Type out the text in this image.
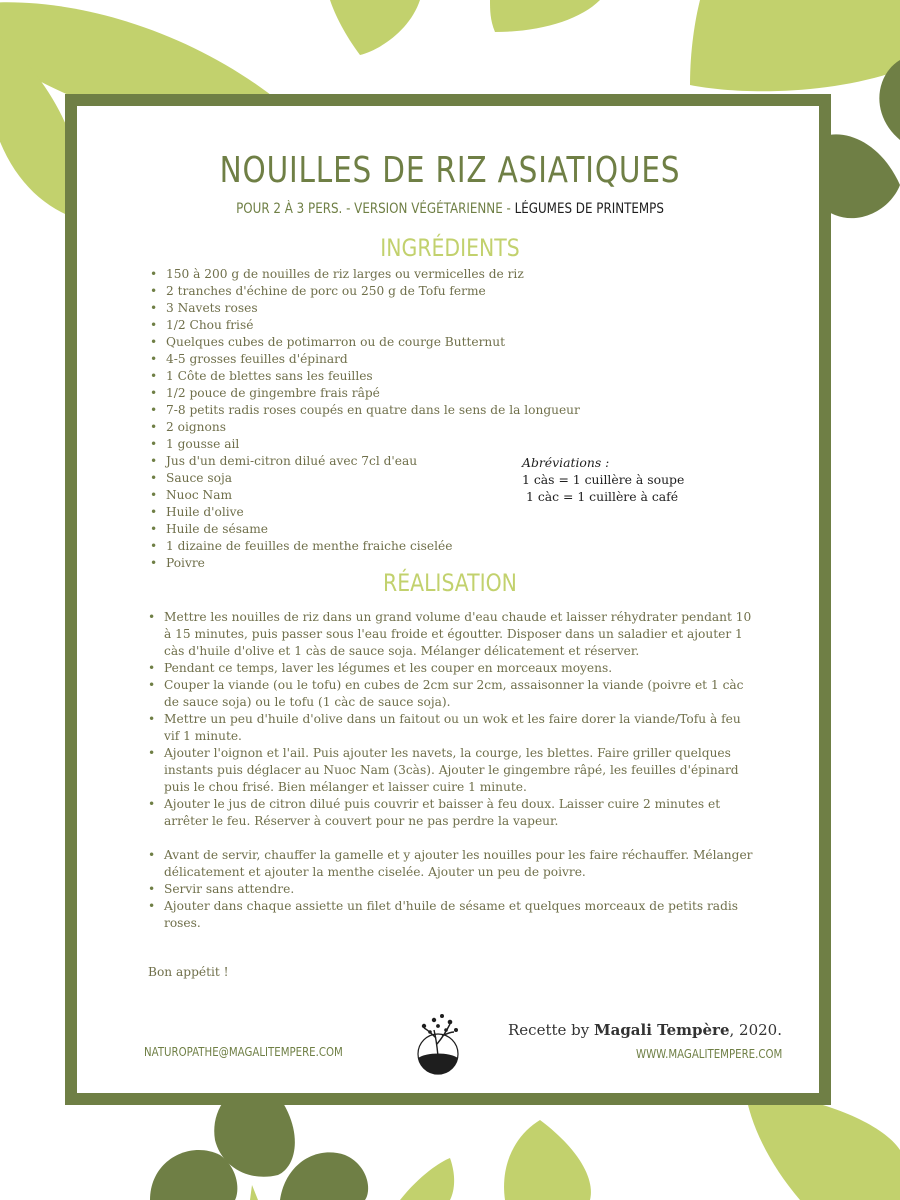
NOUILLES DE RIZ ASIATIQUES
POUR 2 À 3 PERS. - VERSION VÉGÉTARIENNE - LÉGUMES DE PRINTEMPS
INGRÉDIENTS
• 150 à 200 g de nouilles de riz larges ou vermicelles de riz
• 2 tranches d'échine de porc ou 250 g de Tofu ferme
• 3 Navets roses
• 1/2 Chou frisé
• Quelques cubes de potimarron ou de courge Butternut
• 4-5 grosses feuilles d'épinard
• 1 Côte de blettes sans les feuilles
• 1/2 pouce de gingembre frais râpé
• 7-8 petits radis roses coupés en quatre dans le sens de la longueur
• 2 oignons
• 1 gousse ail
• Jus d'un demi-citron dilué avec 7cl d'eau
• Sauce soja
• Nuoc Nam
• Huile d'olive
• Huile de sésame
• 1 dizaine de feuilles de menthe fraiche ciselée
• Poivre
Abréviations :
1 càs = 1 cuillère à soupe
1 càc = 1 cuillère à café
RÉALISATION
• Mettre les nouilles de riz dans un grand volume d'eau chaude et laisser réhydrater pendant 10 à 15 minutes, puis passer sous l'eau froide et égoutter. Disposer dans un saladier et ajouter 1 càs d'huile d'olive et 1 càs de sauce soja. Mélanger délicatement et réserver.
• Pendant ce temps, laver les légumes et les couper en morceaux moyens.
• Couper la viande (ou le tofu) en cubes de 2cm sur 2cm, assaisonner la viande (poivre et 1 càc de sauce soja) ou le tofu (1 càc de sauce soja).
• Mettre un peu d'huile d'olive dans un faitout ou un wok et les faire dorer la viande/Tofu à feu vif 1 minute.
• Ajouter l'oignon et l'ail. Puis ajouter les navets, la courge, les blettes. Faire griller quelques instants puis déglacer au Nuoc Nam (3càs). Ajouter le gingembre râpé, les feuilles d'épinard puis le chou frisé. Bien mélanger et laisser cuire 1 minute.
• Ajouter le jus de citron dilué puis couvrir et baisser à feu doux. Laisser cuire 2 minutes et arrêter le feu. Réserver à couvert pour ne pas perdre la vapeur.
• Avant de servir, chauffer la gamelle et y ajouter les nouilles pour les faire réchauffer. Mélanger délicatement et ajouter la menthe ciselée. Ajouter un peu de poivre.
• Servir sans attendre.
• Ajouter dans chaque assiette un filet d'huile de sésame et quelques morceaux de petits radis roses.
Bon appétit !
NATUROPATHE@MAGALITEMPERE.COM
Recette by Magali Tempère, 2020.
WWW.MAGALITEMPERE.COM
